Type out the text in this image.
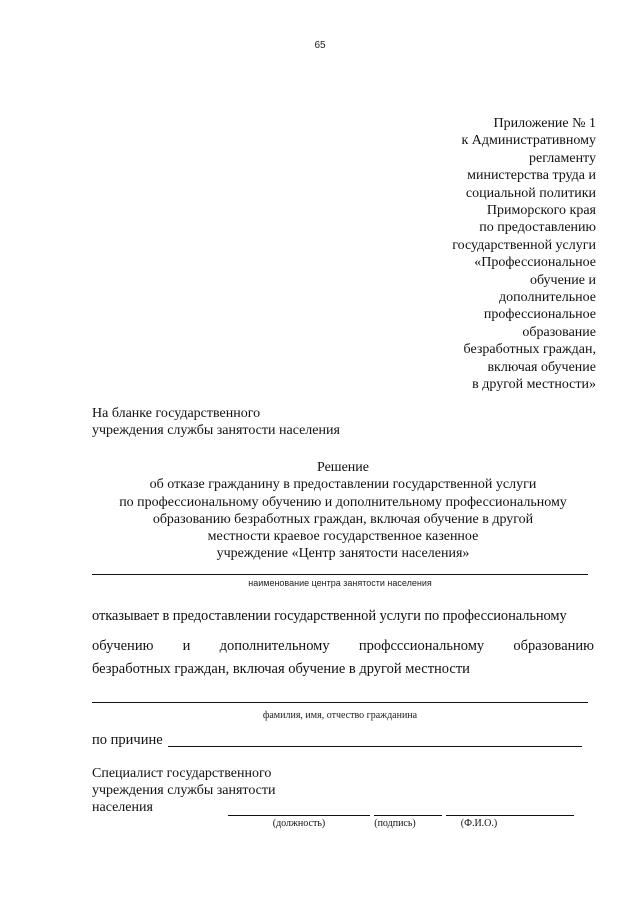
65
Приложение № 1
к Административному
регламенту
министерства труда и
социальной политики
Приморского края
по предоставлению
государственной услуги
«Профессиональное
обучение и
дополнительное
профессиональное
образование
безработных граждан,
включая обучение
в другой местности»
На бланке государственного
учреждения службы занятости населения
Решение
об отказе гражданину в предоставлении государственной услуги
по профессиональному обучению и дополнительному профессиональному
образованию безработных граждан, включая обучение в другой
местности краевое государственное казенное
учреждение «Центр занятости населения»
наименование центра занятости населения
отказывает в предоставлении государственной услуги по профессиональному
обучению и дополнительному профсссиональному образованию
безработных граждан, включая обучение в другой местности
фамилия, имя, отчество гражданина
по причине
Специалист государственного
учреждения службы занятости
населения
(должность)	(подпись)	(Ф.И.О.)
